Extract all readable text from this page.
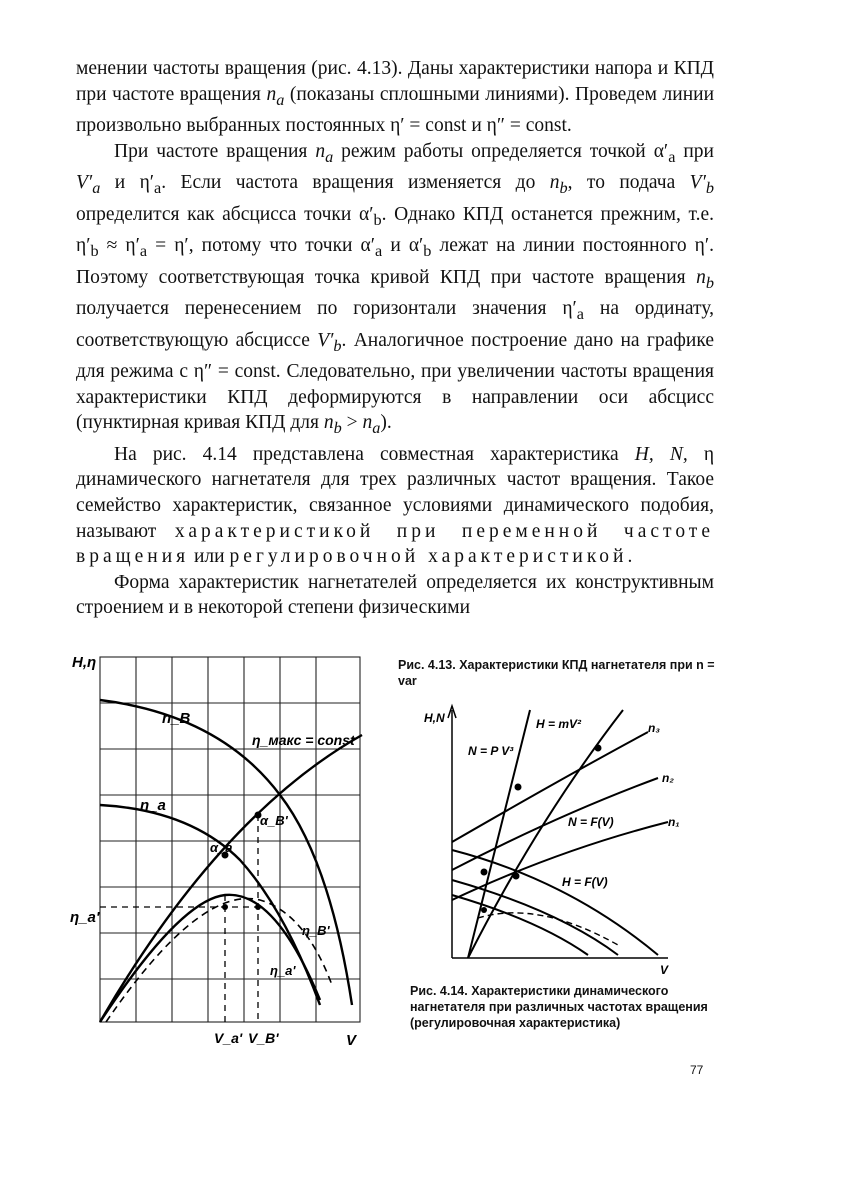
менении частоты вращения (рис. 4.13). Даны характеристики напора и КПД при частоте вращения $n_a$ (показаны сплошными линиями). Проведем линии произвольно выбранных постоянных η′ = const и η″ = const.

При частоте вращения $n_a$ режим работы определяется точкой $\alpha'_a$ при $V'_a$ и $\eta'_a$. Если частота вращения изменяется до $n_b$, то подача $V'_b$ определится как абсцисса точки $\alpha'_b$. Однако КПД останется прежним, т.е. $\eta'_b \approx \eta'_a = \eta'$, потому что точки $\alpha'_a$ и $\alpha'_b$ лежат на линии постоянного η′. Поэтому соответствующая точка кривой КПД при частоте вращения $n_b$ получается перенесением по горизонтали значения $\eta'_a$ на ординату, соответствующую абсциссе $V'_b$. Аналогичное построение дано на графике для режима с η″ = const. Следовательно, при увеличении частоты вращения характеристики КПД деформируются в направлении оси абсцисс (пунктирная кривая КПД для $n_b > n_a$).

На рис. 4.14 представлена совместная характеристика H, N, η динамического нагнетателя для трех различных частот вращения. Такое семейство характеристик, связанное условиями динамического подобия, называют характеристикой при переменной частоте вращения или регулировочной характеристикой.

Форма характеристик нагнетателей определяется их конструктивным строением и в некоторой степени физическими

H,η
n_B
n_a
η_макс = const
α_B'
α_a
η_a'
η_B'
η_a'
V_a' V_B'	V

Рис. 4.13. Характеристики КПД нагнетателя при n = var

H,N	H = mV²
N = P V³
n₃
n₂
n₁
N = F(V)
H = F(V)
V

Рис. 4.14. Характеристики динамического нагнетателя при различных частотах вращения (регулировочная характеристика)

77
